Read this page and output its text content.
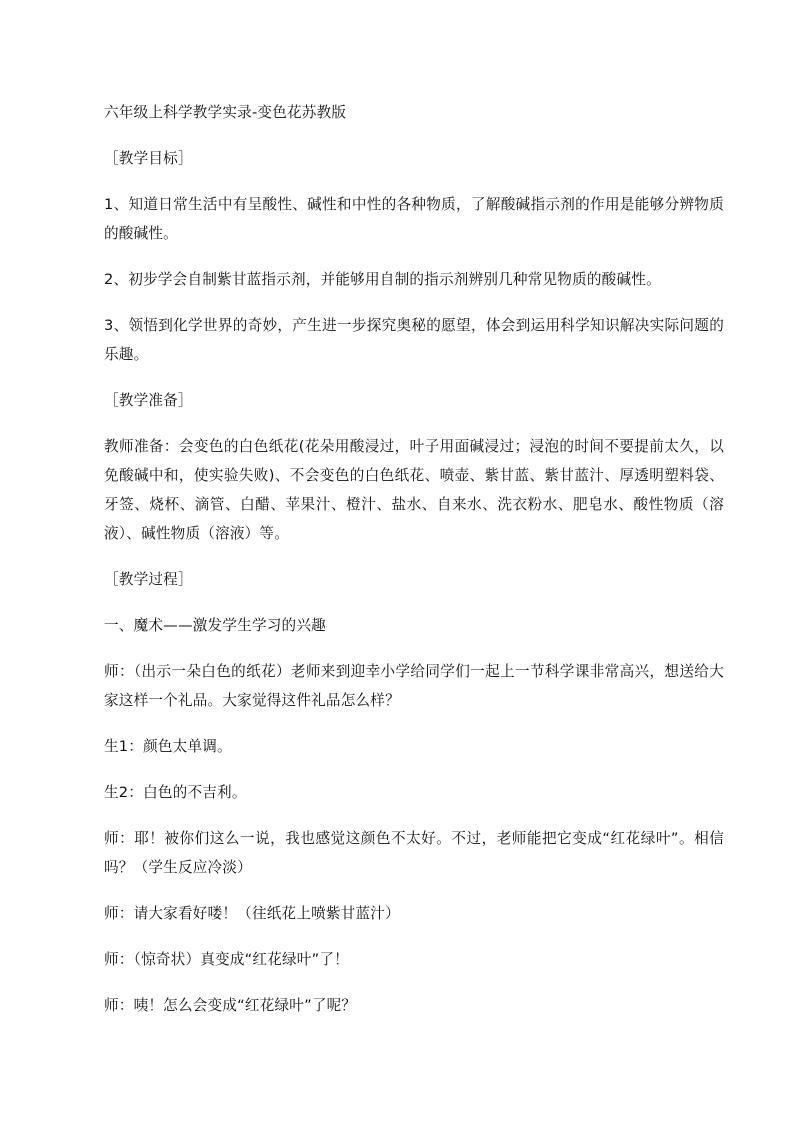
六年级上科学教学实录-变色花苏教版

［教学目标］

1、知道日常生活中有呈酸性、碱性和中性的各种物质，了解酸碱指示剂的作用是能够分辨物质的酸碱性。

2、初步学会自制紫甘蓝指示剂，并能够用自制的指示剂辨别几种常见物质的酸碱性。

3、领悟到化学世界的奇妙，产生进一步探究奥秘的愿望，体会到运用科学知识解决实际问题的乐趣。

［教学准备］

教师准备：会变色的白色纸花(花朵用酸浸过，叶子用面碱浸过；浸泡的时间不要提前太久，以免酸碱中和，使实验失败)、不会变色的白色纸花、喷壶、紫甘蓝、紫甘蓝汁、厚透明塑料袋、牙签、烧杯、滴管、白醋、苹果汁、橙汁、盐水、自来水、洗衣粉水、肥皂水、酸性物质（溶液）、碱性物质（溶液）等。

［教学过程］

一、魔术——激发学生学习的兴趣

师：（出示一朵白色的纸花）老师来到迎幸小学给同学们一起上一节科学课非常高兴，想送给大家这样一个礼品。大家觉得这件礼品怎么样？

生1：颜色太单调。

生2：白色的不吉利。

师：耶！被你们这么一说，我也感觉这颜色不太好。不过，老师能把它变成“红花绿叶”。相信吗？（学生反应冷淡）

师：请大家看好喽！（往纸花上喷紫甘蓝汁）

师：（惊奇状）真变成“红花绿叶”了！

师：咦！怎么会变成“红花绿叶”了呢？
